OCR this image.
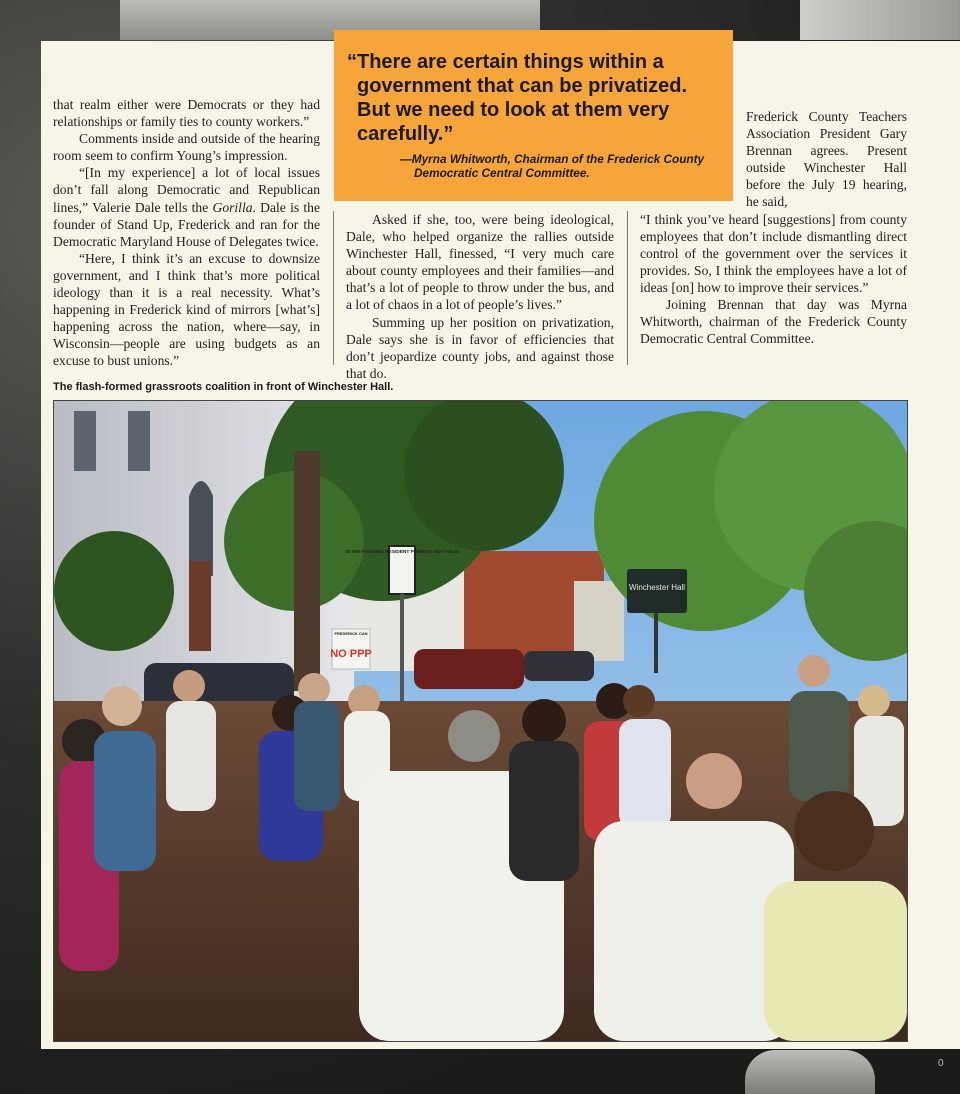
0

that realm either were Democrats or they had relationships or family ties to county workers.”

Comments inside and outside of the hearing room seem to confirm Young’s impression.

“[In my experience] a lot of local issues don’t fall along Democratic and Republican lines,” Valerie Dale tells the Gorilla. Dale is the founder of Stand Up, Frederick and ran for the Democratic Maryland House of Delegates twice.

“Here, I think it’s an excuse to downsize government, and I think that’s more political ideology than it is a real necessity. What’s happening in Frederick kind of mirrors [what’s] happening across the nation, where—say, in Wisconsin—people are using budgets as an excuse to bust unions.”

Asked if she, too, were being ideological, Dale, who helped organize the rallies outside Winchester Hall, finessed, “I very much care about county employees and their families—and that’s a lot of people to throw under the bus, and a lot of chaos in a lot of people’s lives.”

Summing up her position on privatization, Dale says she is in favor of efficiencies that don’t jeopardize county jobs, and against those that do.

Frederick County Teachers Association President Gary Brennan agrees. Present outside Winchester Hall before the July 19 hearing, he said,

“I think you’ve heard [suggestions] from county employees that don’t include dismantling direct control of the government over the services it provides. So, I think the employees have a lot of ideas [on] how to improve their services.”

Joining Brennan that day was Myrna Whitworth, chairman of the Frederick County Democratic Central Committee.

“There are certain things within a government that can be privatized. But we need to look at them very carefully.”

—Myrna Whitworth, Chairman of the Frederick County Democratic Central Committee.

The flash-formed grassroots coalition in front of Winchester Hall.
30 MIN PARKING RESIDENT PERMITS NOT VALID
Winchester Hall
FREDERICK CAN
NO PPP
